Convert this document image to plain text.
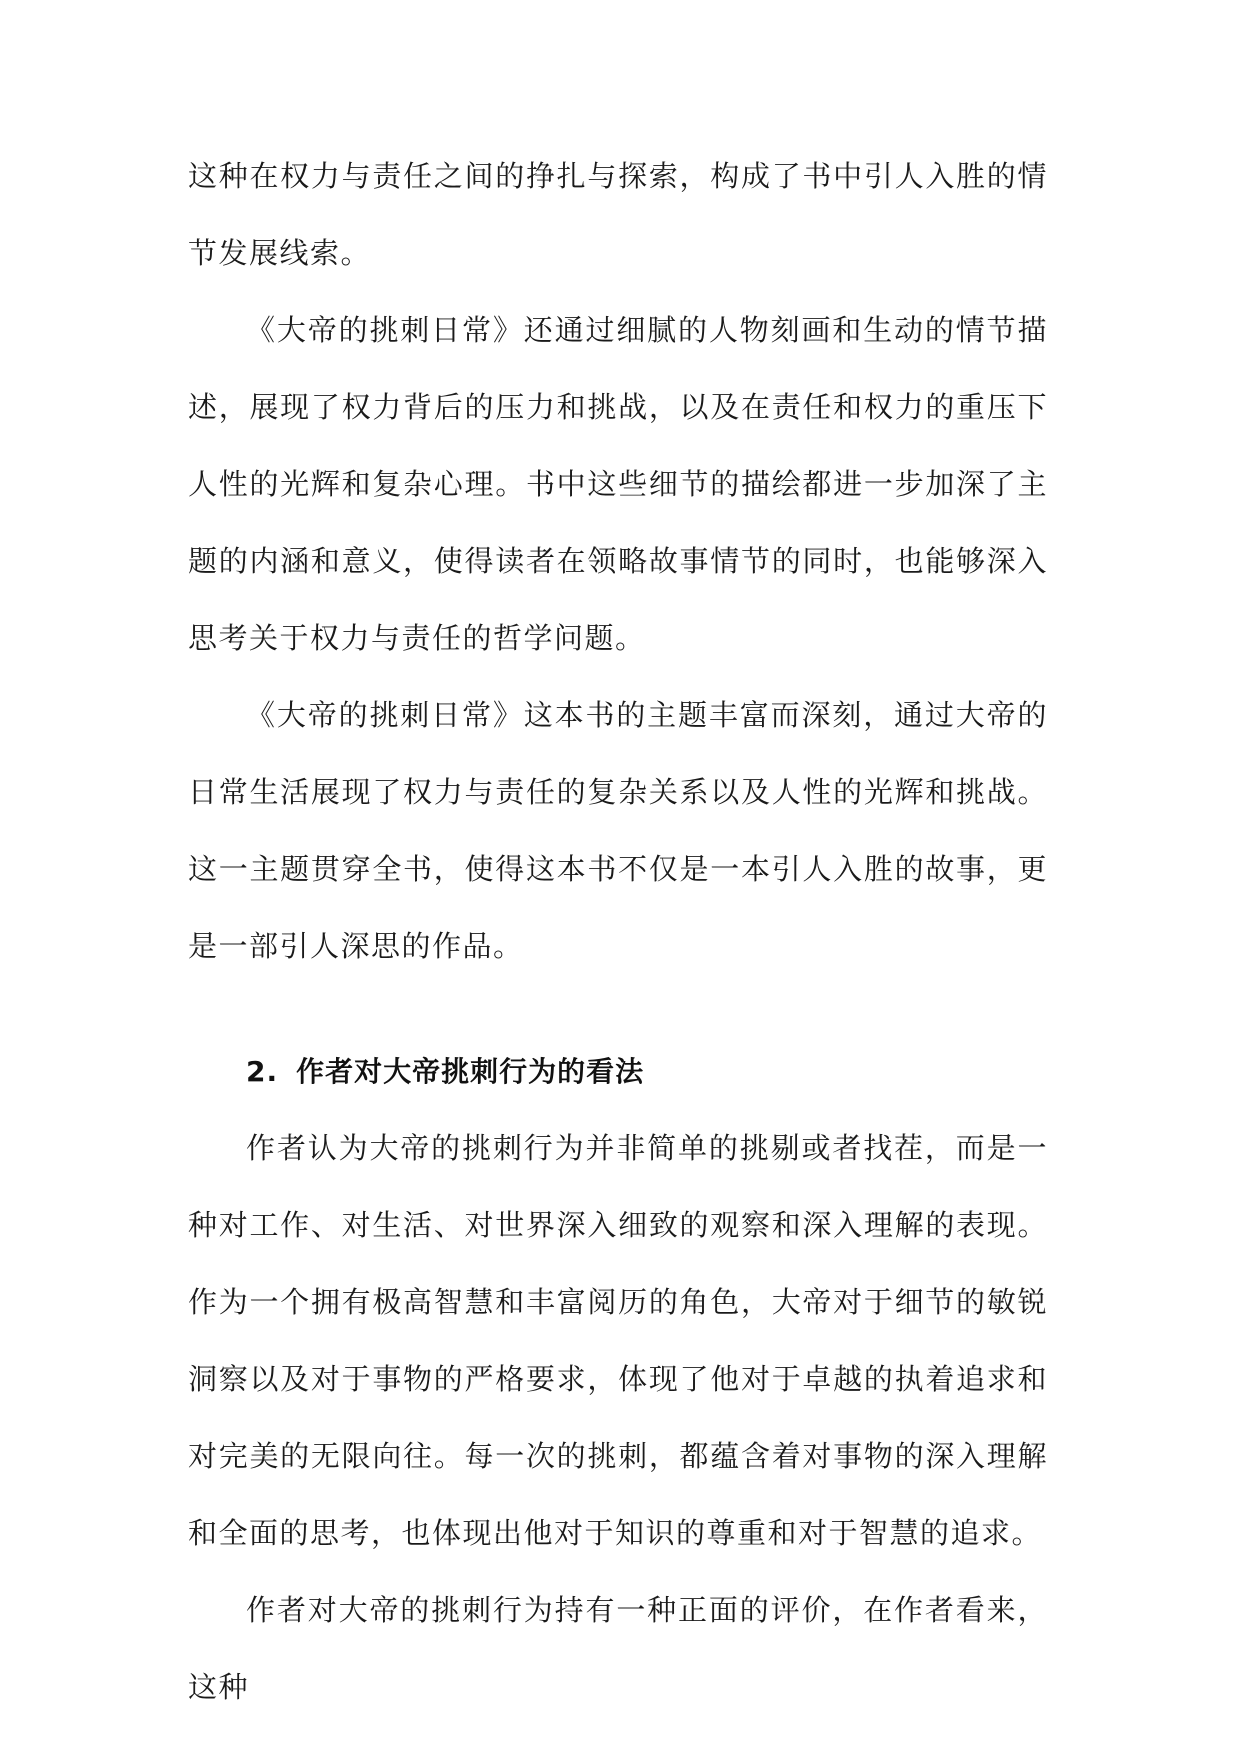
这种在权力与责任之间的挣扎与探索，构成了书中引人入胜的情节发展线索。

《大帝的挑刺日常》还通过细腻的人物刻画和生动的情节描述，展现了权力背后的压力和挑战，以及在责任和权力的重压下人性的光辉和复杂心理。书中这些细节的描绘都进一步加深了主题的内涵和意义，使得读者在领略故事情节的同时，也能够深入思考关于权力与责任的哲学问题。

《大帝的挑刺日常》这本书的主题丰富而深刻，通过大帝的日常生活展现了权力与责任的复杂关系以及人性的光辉和挑战。这一主题贯穿全书，使得这本书不仅是一本引人入胜的故事，更是一部引人深思的作品。

2. 作者对大帝挑刺行为的看法

作者认为大帝的挑刺行为并非简单的挑剔或者找茬，而是一种对工作、对生活、对世界深入细致的观察和深入理解的表现。作为一个拥有极高智慧和丰富阅历的角色，大帝对于细节的敏锐洞察以及对于事物的严格要求，体现了他对于卓越的执着追求和对完美的无限向往。每一次的挑刺，都蕴含着对事物的深入理解和全面的思考，也体现出他对于知识的尊重和对于智慧的追求。

作者对大帝的挑刺行为持有一种正面的评价，在作者看来，这种
